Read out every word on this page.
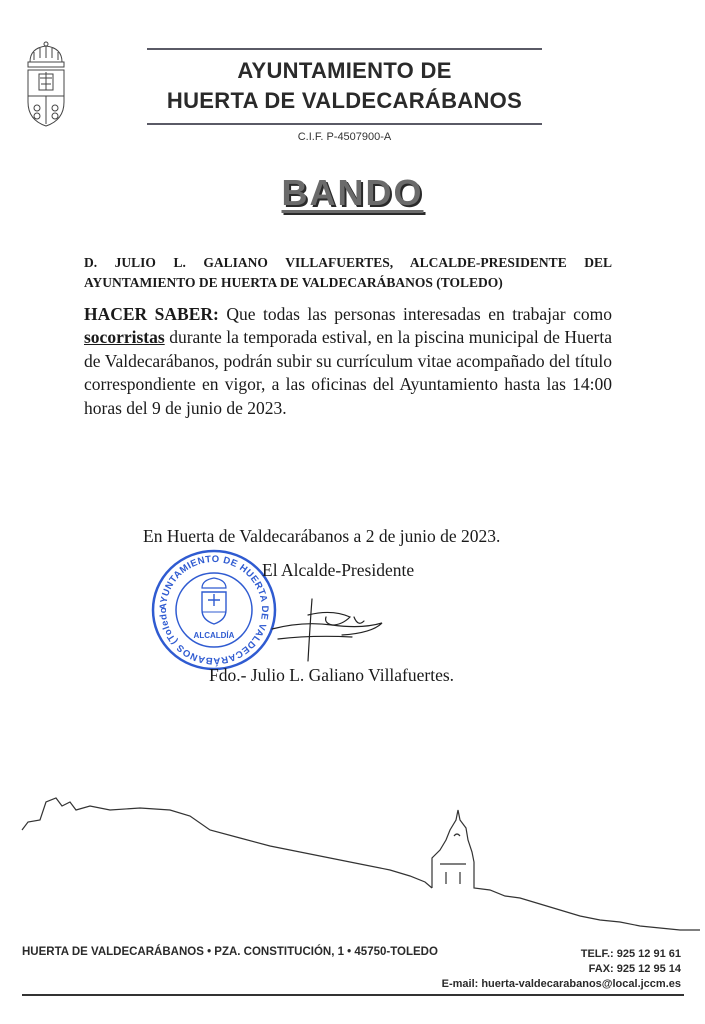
AYUNTAMIENTO DE
HUERTA DE VALDECARÁBANOS
C.I.F. P-4507900-A
BANDO
D. JULIO L. GALIANO VILLAFUERTES, ALCALDE-PRESIDENTE DEL AYUNTAMIENTO DE HUERTA DE VALDECARÁBANOS (TOLEDO)
HACER SABER: Que todas las personas interesadas en trabajar como socorristas durante la temporada estival, en la piscina municipal de Huerta de Valdecarábanos, podrán subir su currículum vitae acompañado del título correspondiente en vigor, a las oficinas del Ayuntamiento hasta las 14:00 horas del 9 de junio de 2023.
En Huerta de Valdecarábanos a 2 de junio de 2023.
AYUNTAMIENTO DE HUERTA DE VALDECARÁBANOS (Toledo
ALCALDÍA
El Alcalde-Presidente
Fdo.- Julio L. Galiano Villafuertes.
HUERTA DE VALDECARÁBANOS • PZA. CONSTITUCIÓN, 1 • 45750-TOLEDO	TELF.: 925 12 91 61
FAX: 925 12 95 14
E-mail: huerta-valdecarabanos@local.jccm.es
